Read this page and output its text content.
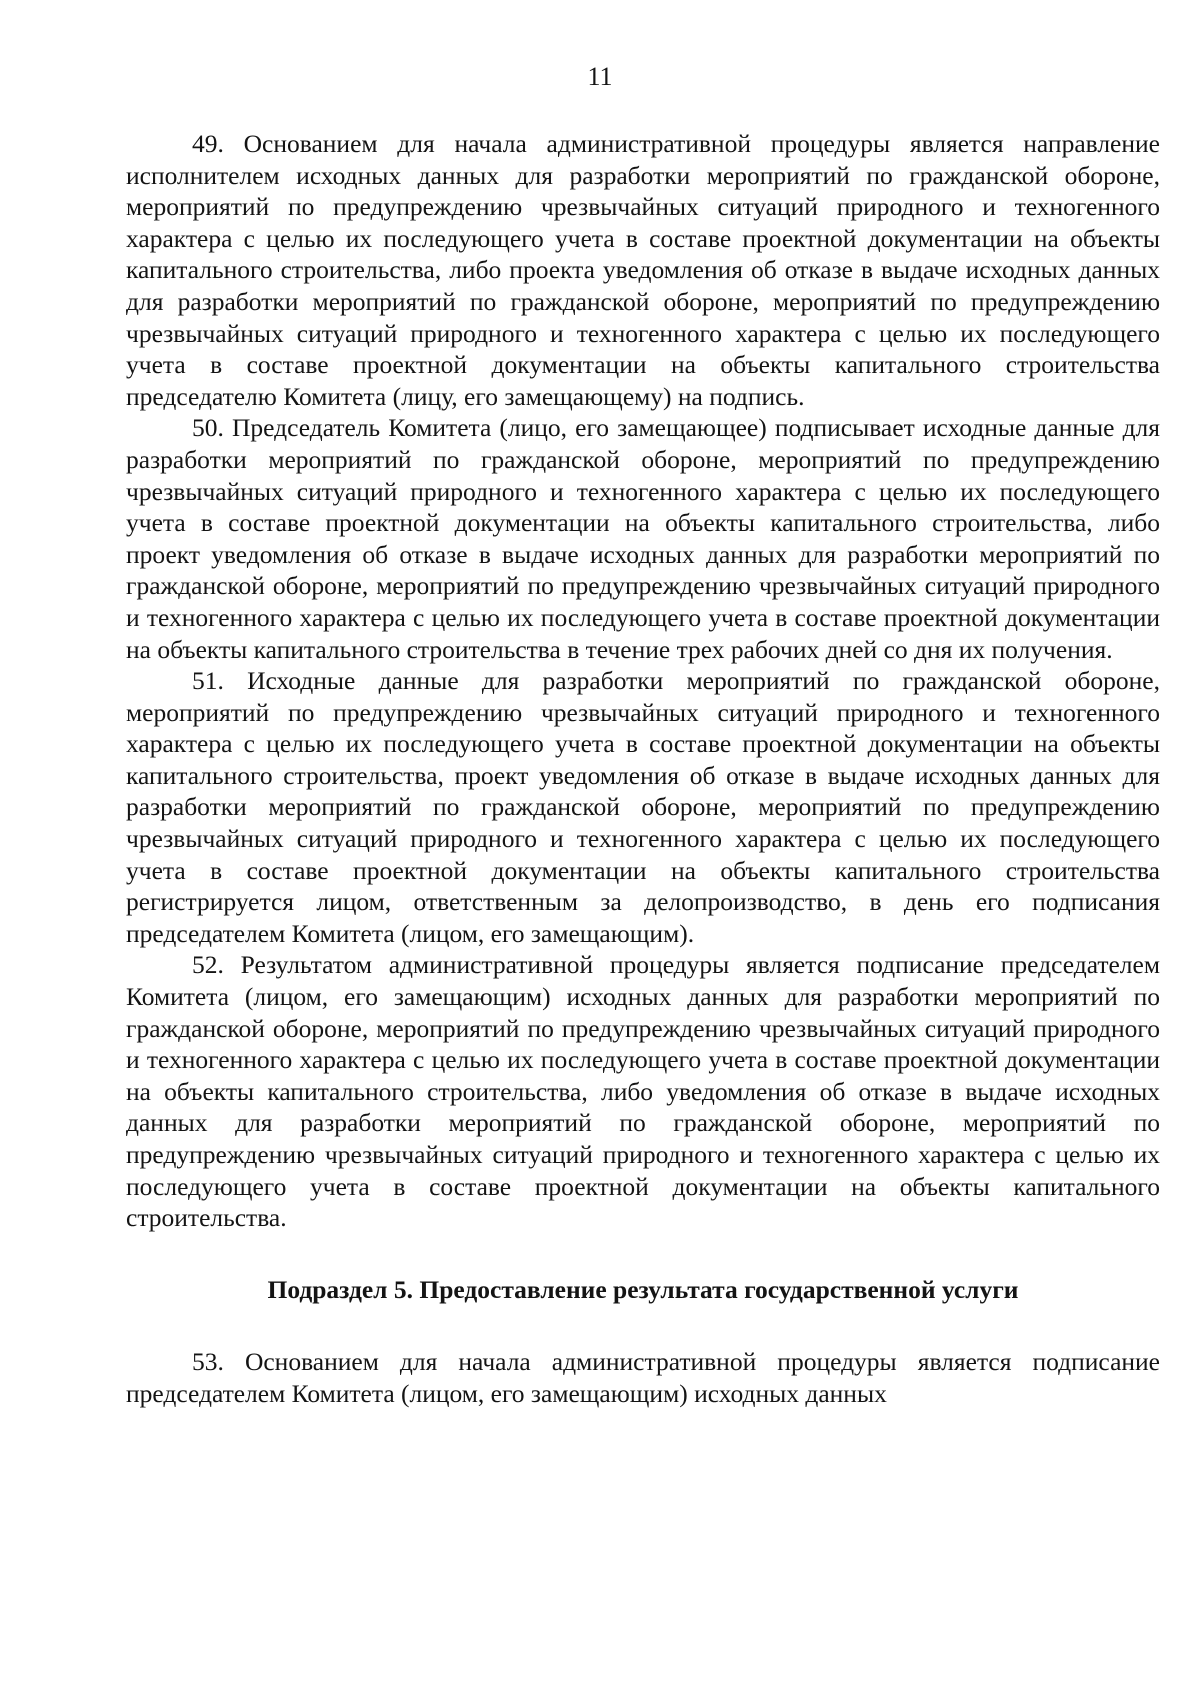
11

49. Основанием для начала административной процедуры является направление исполнителем исходных данных для разработки мероприятий по гражданской обороне, мероприятий по предупреждению чрезвычайных ситуаций природного и техногенного характера с целью их последующего учета в составе проектной документации на объекты капитального строительства, либо проекта уведомления об отказе в выдаче исходных данных для разработки мероприятий по гражданской обороне, мероприятий по предупреждению чрезвычайных ситуаций природного и техногенного характера с целью их последующего учета в составе проектной документации на объекты капитального строительства председателю Комитета (лицу, его замещающему) на подпись.

50. Председатель Комитета (лицо, его замещающее) подписывает исходные данные для разработки мероприятий по гражданской обороне, мероприятий по предупреждению чрезвычайных ситуаций природного и техногенного характера с целью их последующего учета в составе проектной документации на объекты капитального строительства, либо проект уведомления об отказе в выдаче исходных данных для разработки мероприятий по гражданской обороне, мероприятий по предупреждению чрезвычайных ситуаций природного и техногенного характера с целью их последующего учета в составе проектной документации на объекты капитального строительства в течение трех рабочих дней со дня их получения.

51. Исходные данные для разработки мероприятий по гражданской обороне, мероприятий по предупреждению чрезвычайных ситуаций природного и техногенного характера с целью их последующего учета в составе проектной документации на объекты капитального строительства, проект уведомления об отказе в выдаче исходных данных для разработки мероприятий по гражданской обороне, мероприятий по предупреждению чрезвычайных ситуаций природного и техногенного характера с целью их последующего учета в составе проектной документации на объекты капитального строительства регистрируется лицом, ответственным за делопроизводство, в день его подписания председателем Комитета (лицом, его замещающим).

52. Результатом административной процедуры является подписание председателем Комитета (лицом, его замещающим) исходных данных для разработки мероприятий по гражданской обороне, мероприятий по предупреждению чрезвычайных ситуаций природного и техногенного характера с целью их последующего учета в составе проектной документации на объекты капитального строительства, либо уведомления об отказе в выдаче исходных данных для разработки мероприятий по гражданской обороне, мероприятий по предупреждению чрезвычайных ситуаций природного и техногенного характера с целью их последующего учета в составе проектной документации на объекты капитального строительства.

Подраздел 5. Предоставление результата государственной услуги

53. Основанием для начала административной процедуры является подписание председателем Комитета (лицом, его замещающим) исходных данных
